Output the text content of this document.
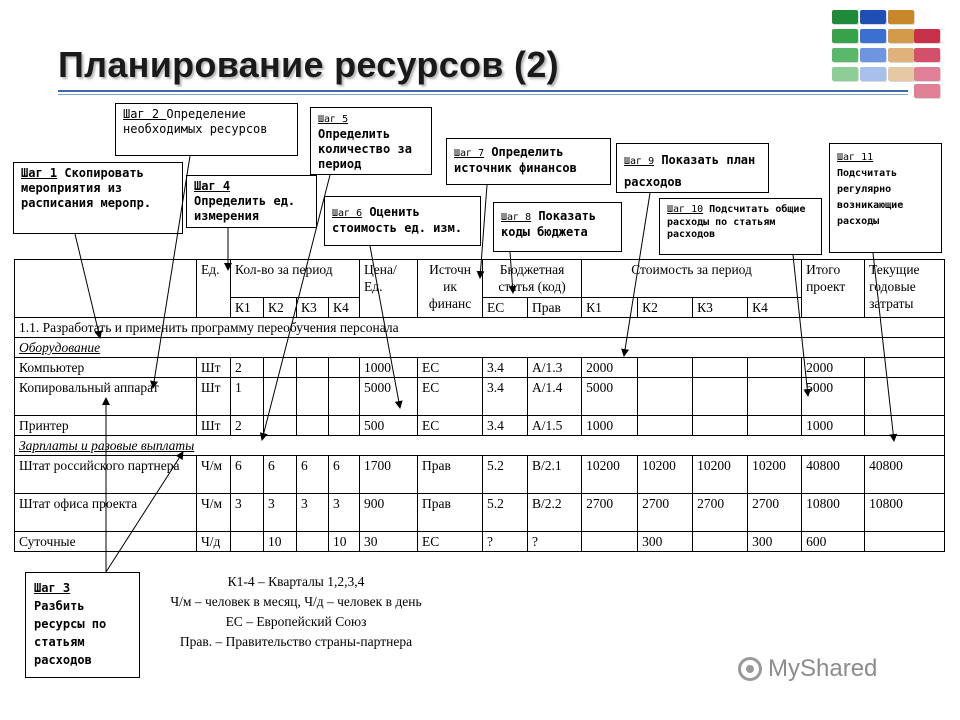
Планирование ресурсов (2)
Шаг 1 Скопировать мероприятия из расписания меропр.
Шаг 2 Определение необходимых ресурсов
Шаг 4
Определить ед. измерения
Шаг 5
Определить количество за период
Шаг 6 Оценить стоимость ед. изм.
Шаг 7 Определить источник финансов
Шаг 8 Показать коды бюджета
Шаг 9 Показать план расходов
Шаг 10 Подсчитать общие расходы по статьям расходов
Шаг 11
Подсчитать регулярно возникающие расходы
	Ед.	Кол-во за период				Цена/ Ед.	Источн ик финанс	Бюджетная статья (код)		Стоимость за период				Итого проект	Текущие годовые затраты
		К1	К2	К3	К4			ЕС	Прав	К1	К2	К3	К4		
1.1. Разработать и применить программу переобучения персонала															
Оборудование															
Компьютер	Шт	2				1000	ЕС	3.4	A/1.3	2000				2000	
Копировальный аппарат	Шт	1				5000	ЕС	3.4	A/1.4	5000				5000	
Принтер	Шт	2				500	ЕС	3.4	A/1.5	1000				1000	
Зарплаты и разовые выплаты															
Штат российского партнера	Ч/м	6	6	6	6	1700	Прав	5.2	B/2.1	10200	10200	10200	10200	40800	40800
Штат офиса проекта	Ч/м	3	3	3	3	900	Прав	5.2	B/2.2	2700	2700	2700	2700	10800	10800
Суточные	Ч/д		10		10	30	ЕС	?	?		300		300	600	
Шаг 3
Разбить ресурсы по статьям расходов
К1-4 – Кварталы 1,2,3,4
Ч/м – человек в месяц, Ч/д – человек в день
ЕС – Европейский Союз
Прав. – Правительство страны-партнера
MyShared
